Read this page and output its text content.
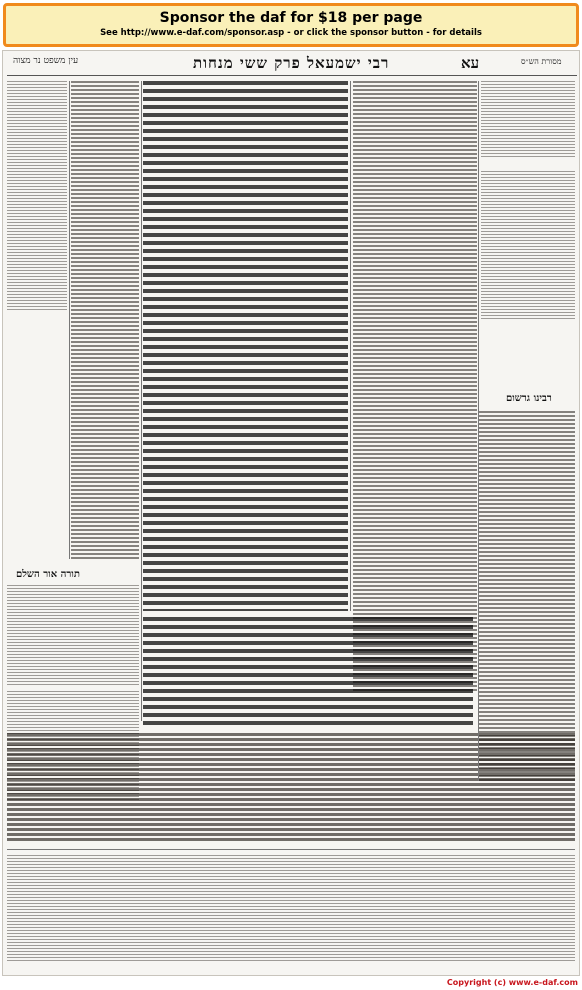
Sponsor the daf for $18 per page
See http://www.e-daf.com/sponsor.asp - or click the sponsor button - for details
עין משפט נר מצוה	רבי ישמעאל פרק ששי מנחות	עא	מסורת הש״ס
רבינו גרשום
תורה אור השלם
Copyright (c) www.e-daf.com
